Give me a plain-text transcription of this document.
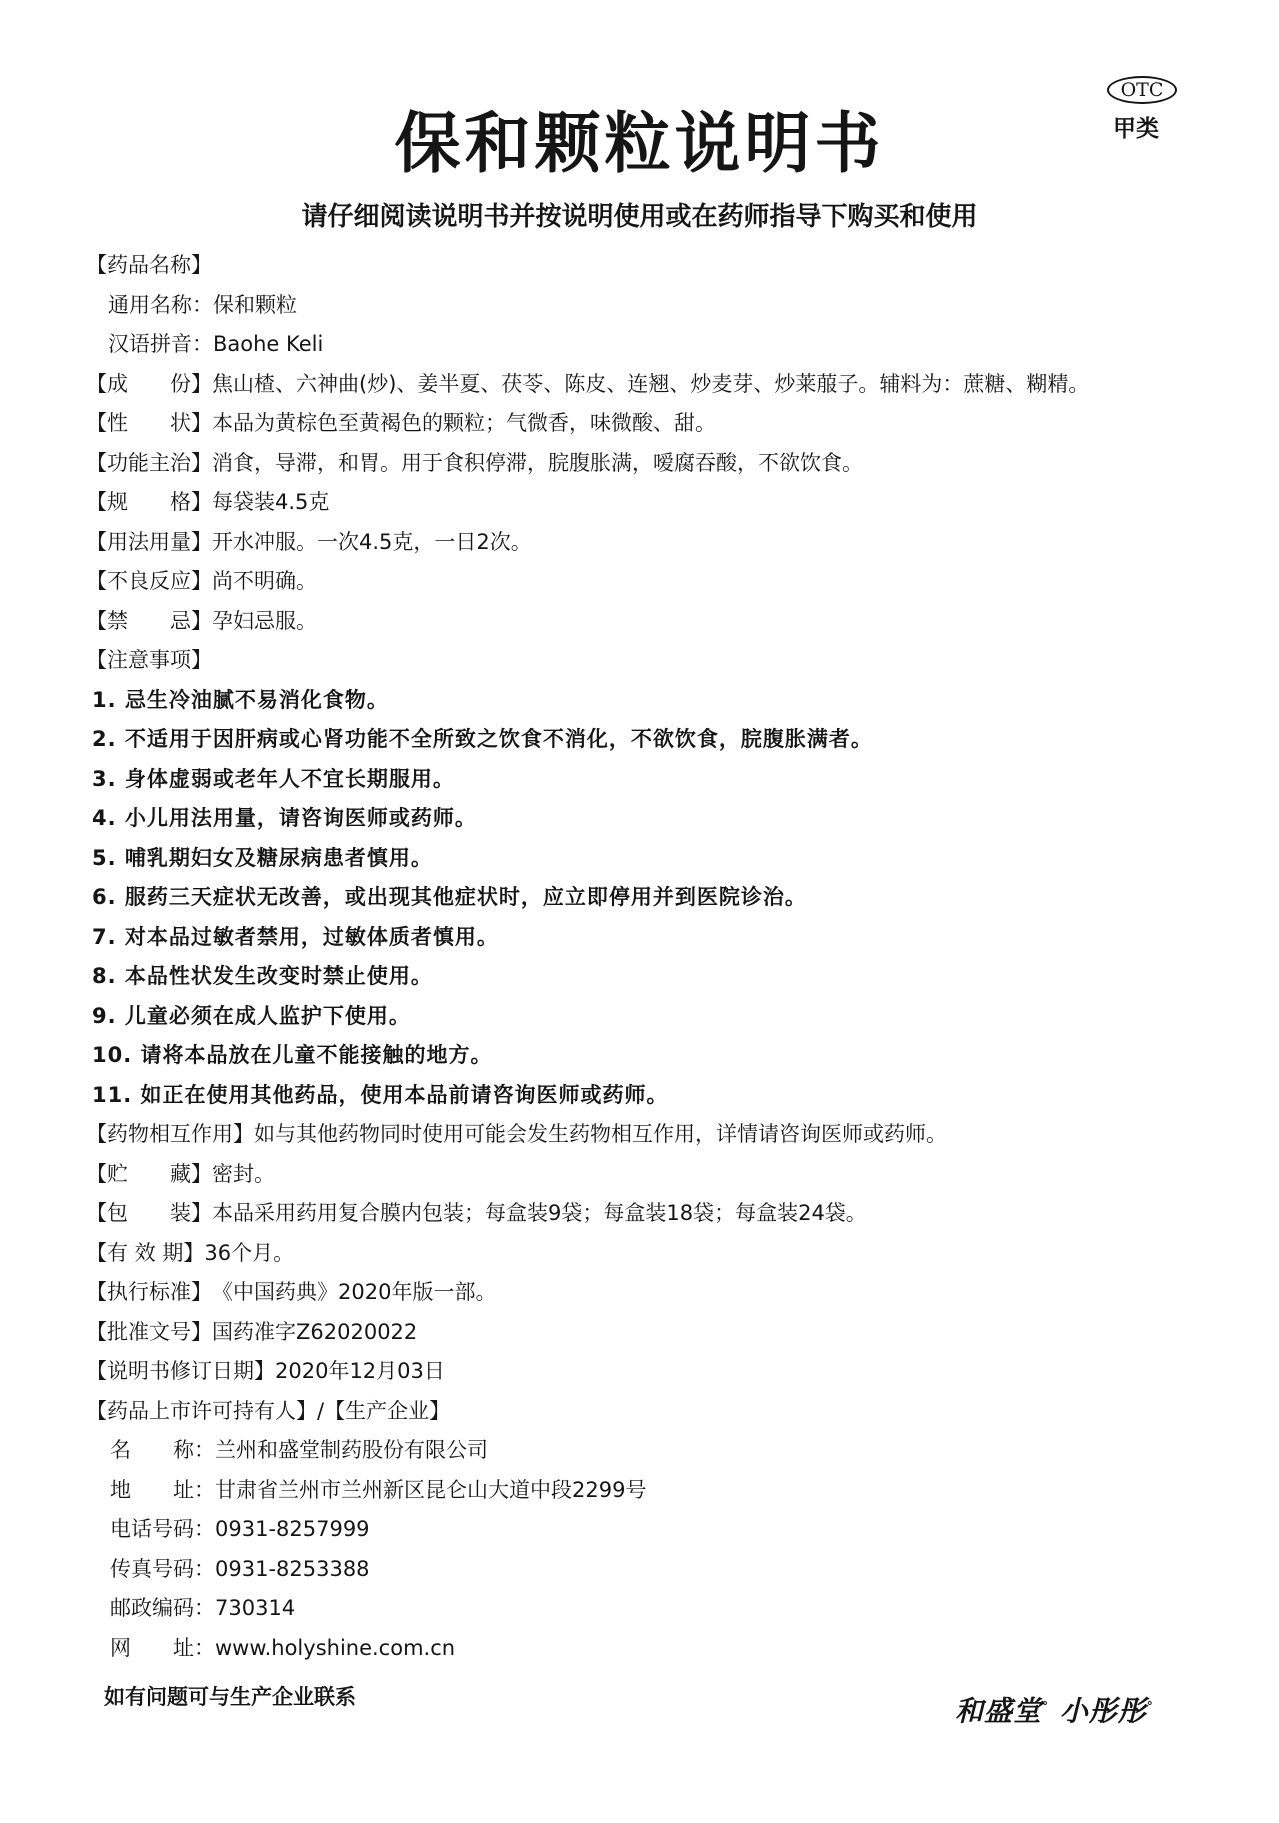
OTC
甲类
保和颗粒说明书
请仔细阅读说明书并按说明使用或在药师指导下购买和使用
【药品名称】
通用名称：保和颗粒
汉语拼音：Baohe Keli
【成　　份】焦山楂、六神曲(炒)、姜半夏、茯苓、陈皮、连翘、炒麦芽、炒莱菔子。辅料为：蔗糖、糊精。
【性　　状】本品为黄棕色至黄褐色的颗粒；气微香，味微酸、甜。
【功能主治】消食，导滞，和胃。用于食积停滞，脘腹胀满，嗳腐吞酸，不欲饮食。
【规　　格】每袋装4.5克
【用法用量】开水冲服。一次4.5克，一日2次。
【不良反应】尚不明确。
【禁　　忌】孕妇忌服。
【注意事项】
1. 忌生冷油腻不易消化食物。
2. 不适用于因肝病或心肾功能不全所致之饮食不消化，不欲饮食，脘腹胀满者。
3. 身体虚弱或老年人不宜长期服用。
4. 小儿用法用量，请咨询医师或药师。
5. 哺乳期妇女及糖尿病患者慎用。
6. 服药三天症状无改善，或出现其他症状时，应立即停用并到医院诊治。
7. 对本品过敏者禁用，过敏体质者慎用。
8. 本品性状发生改变时禁止使用。
9. 儿童必须在成人监护下使用。
10. 请将本品放在儿童不能接触的地方。
11. 如正在使用其他药品，使用本品前请咨询医师或药师。
【药物相互作用】如与其他药物同时使用可能会发生药物相互作用，详情请咨询医师或药师。
【贮　　藏】密封。
【包　　装】本品采用药用复合膜内包装；每盒装9袋；每盒装18袋；每盒装24袋。
【有 效 期】36个月。
【执行标准】《中国药典》2020年版一部。
【批准文号】国药准字Z62020022
【说明书修订日期】2020年12月03日
【药品上市许可持有人】/【生产企业】
名　　称：兰州和盛堂制药股份有限公司
地　　址：甘肃省兰州市兰州新区昆仑山大道中段2299号
电话号码：0931-8257999
传真号码：0931-8253388
邮政编码：730314
网　　址：www.holyshine.com.cn
如有问题可与生产企业联系	和盛堂° 小彤彤°
